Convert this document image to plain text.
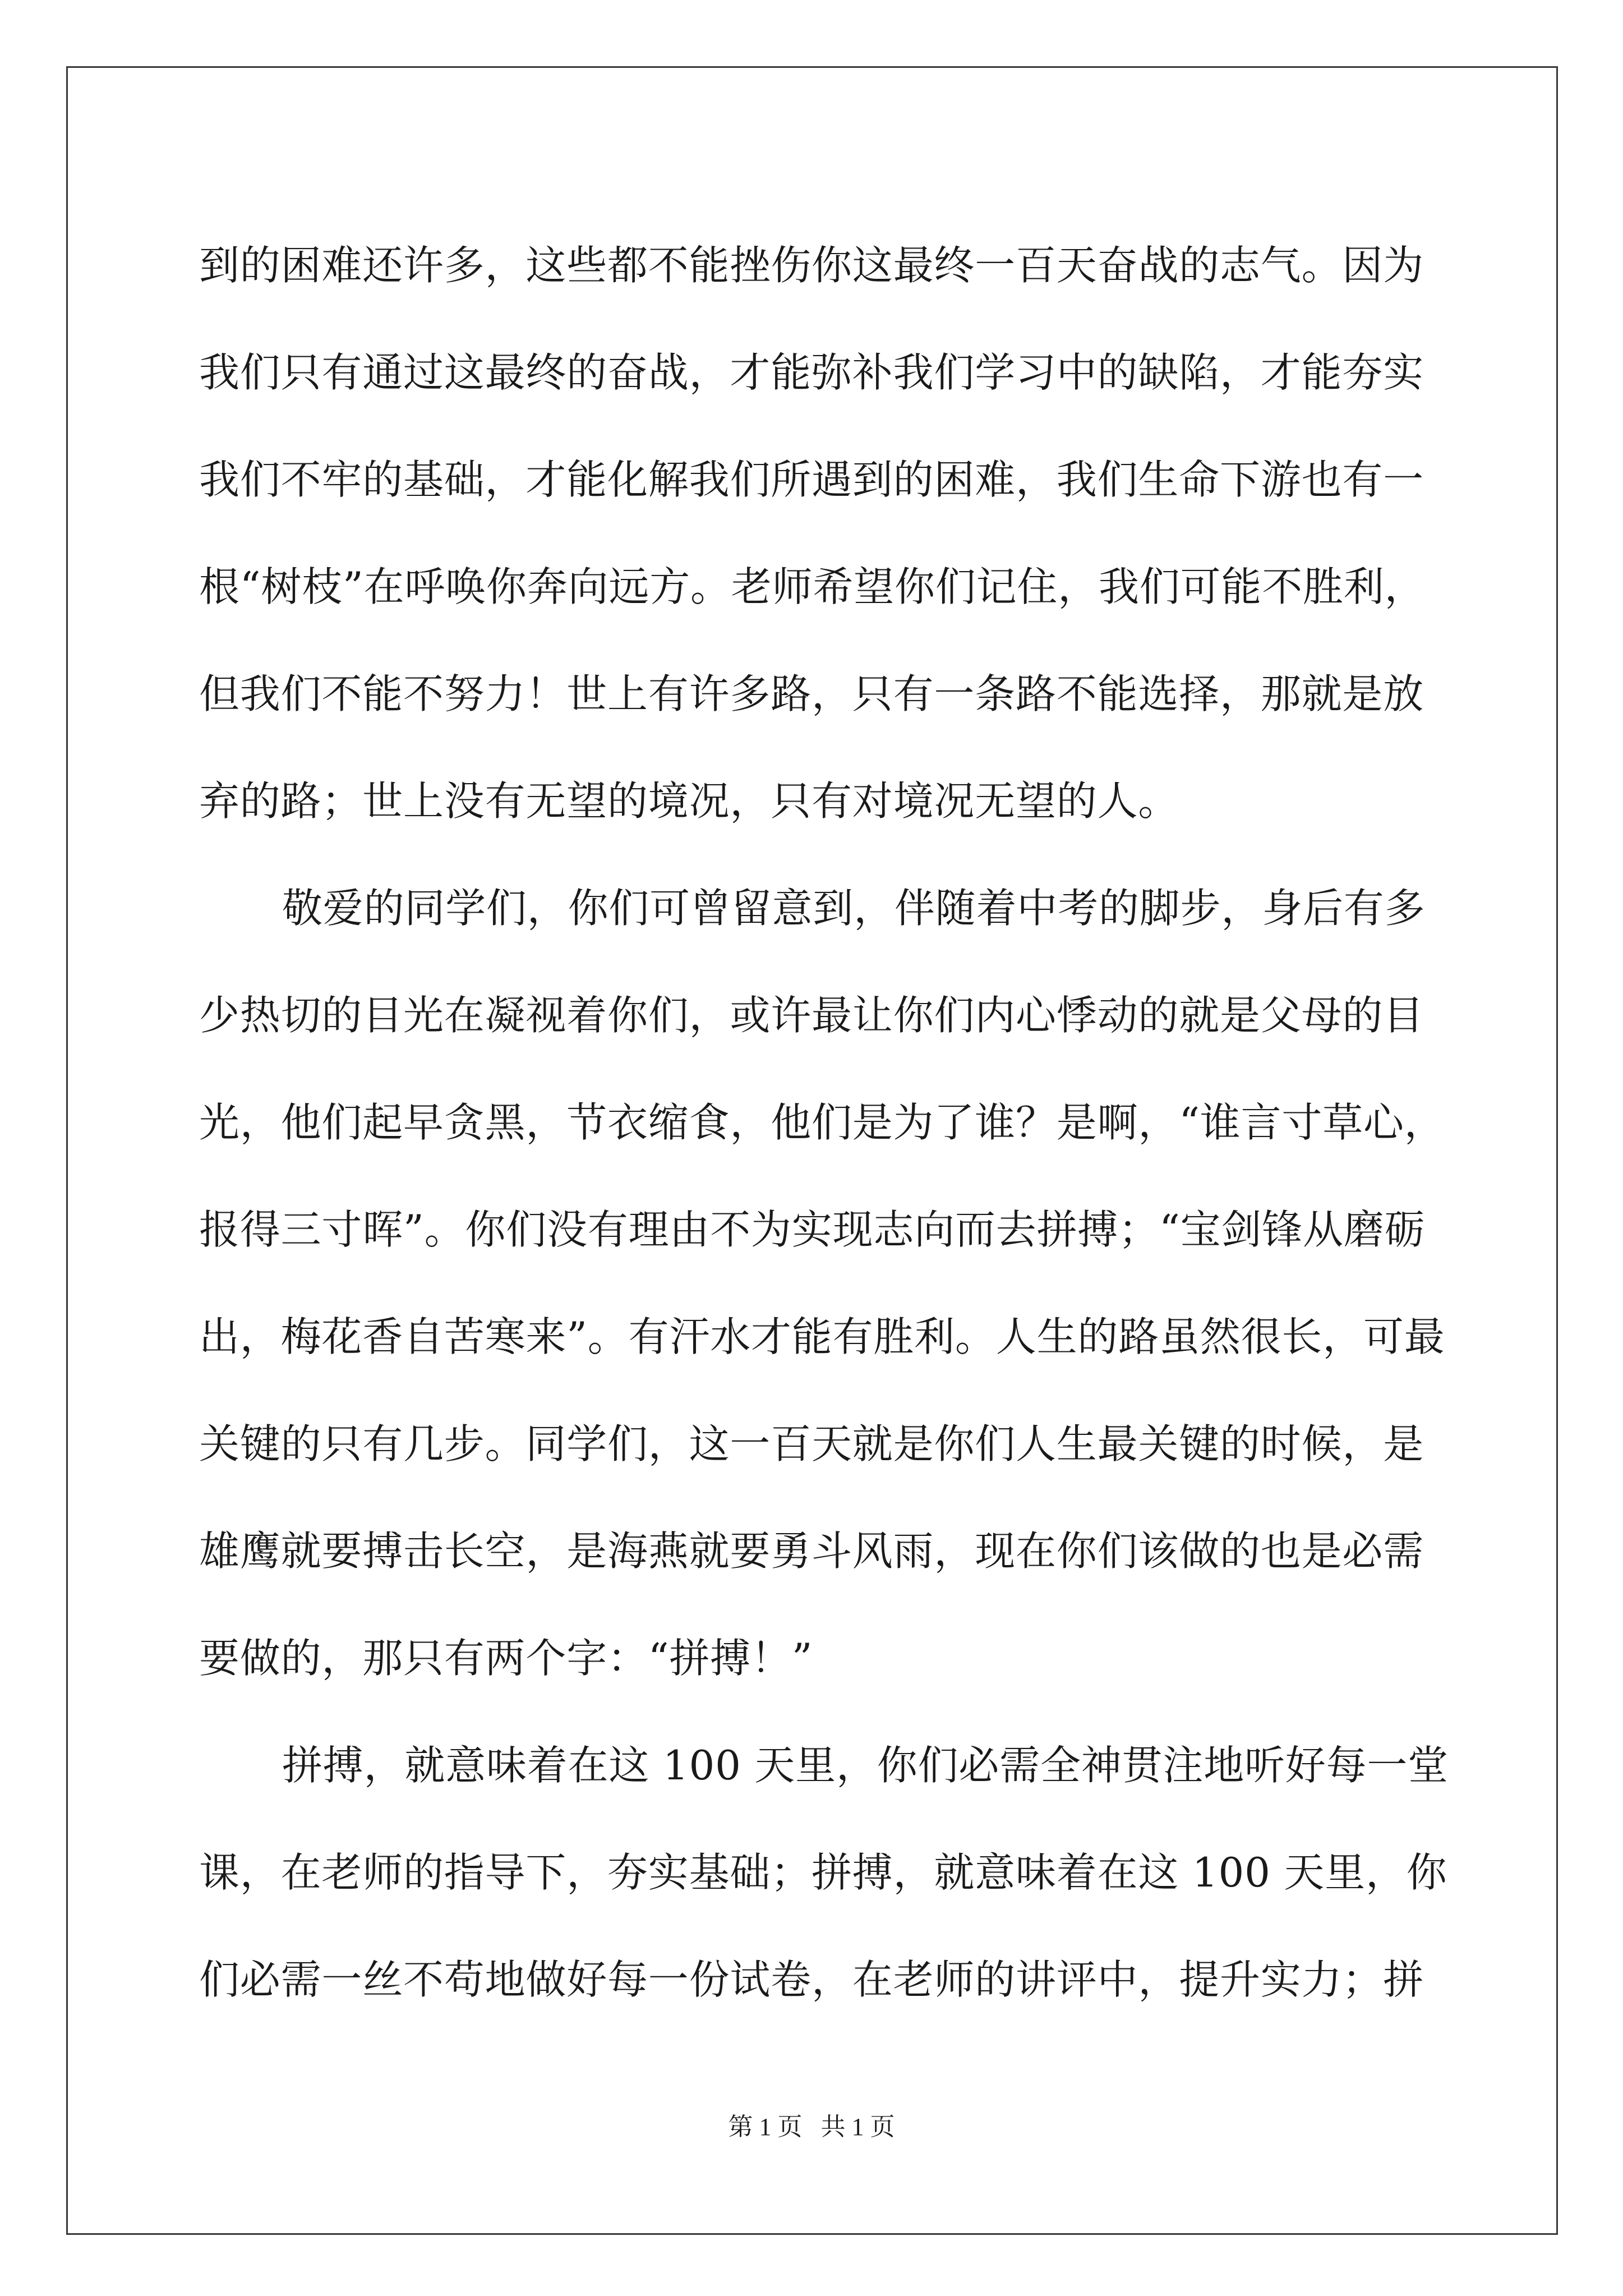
到的困难还许多，这些都不能挫伤你这最终一百天奋战的志气。因为
我们只有通过这最终的奋战，才能弥补我们学习中的缺陷，才能夯实
我们不牢的基础，才能化解我们所遇到的困难，我们生命下游也有一
根“树枝”在呼唤你奔向远方。老师希望你们记住，我们可能不胜利，
但我们不能不努力！世上有许多路，只有一条路不能选择，那就是放
弃的路；世上没有无望的境况，只有对境况无望的人。
敬爱的同学们，你们可曾留意到，伴随着中考的脚步，身后有多
少热切的目光在凝视着你们，或许最让你们内心悸动的就是父母的目
光，他们起早贪黑，节衣缩食，他们是为了谁？是啊，“谁言寸草心，
报得三寸晖”。你们没有理由不为实现志向而去拼搏；“宝剑锋从磨砺
出，梅花香自苦寒来”。有汗水才能有胜利。人生的路虽然很长，可最
关键的只有几步。同学们，这一百天就是你们人生最关键的时候，是
雄鹰就要搏击长空，是海燕就要勇斗风雨，现在你们该做的也是必需
要做的，那只有两个字：“拼搏！”
拼搏，就意味着在这 100 天里，你们必需全神贯注地听好每一堂
课，在老师的指导下，夯实基础；拼搏，就意味着在这 100 天里，你
们必需一丝不苟地做好每一份试卷，在老师的讲评中，提升实力；拼
第 1 页   共 1 页
